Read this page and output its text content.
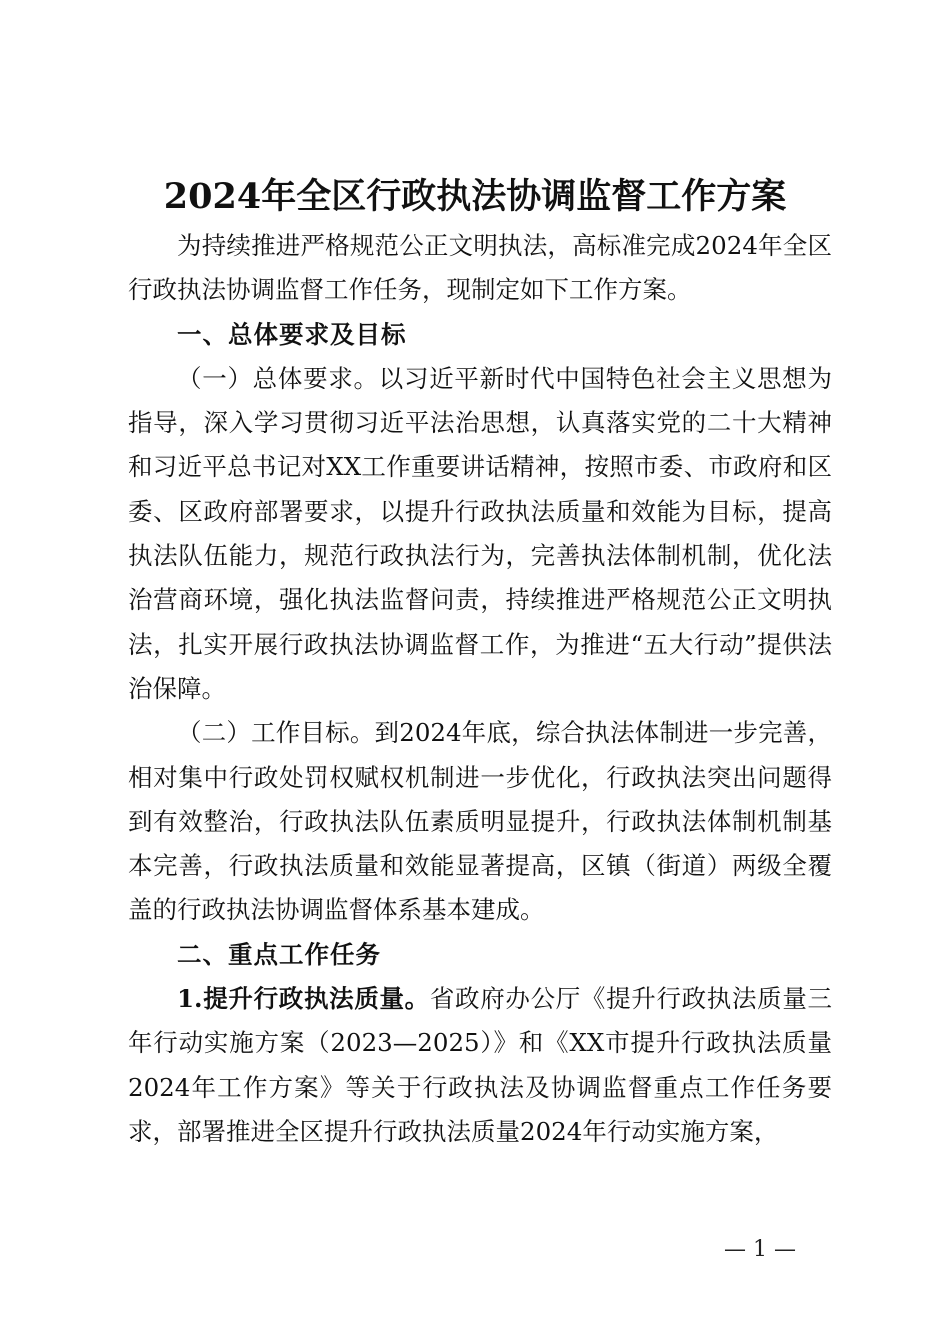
2024年全区行政执法协调监督工作方案

为持续推进严格规范公正文明执法，高标准完成2024年全区行政执法协调监督工作任务，现制定如下工作方案。

一、总体要求及目标

（一）总体要求。以习近平新时代中国特色社会主义思想为指导，深入学习贯彻习近平法治思想，认真落实党的二十大精神和习近平总书记对XX工作重要讲话精神，按照市委、市政府和区委、区政府部署要求，以提升行政执法质量和效能为目标，提高执法队伍能力，规范行政执法行为，完善执法体制机制，优化法治营商环境，强化执法监督问责，持续推进严格规范公正文明执法，扎实开展行政执法协调监督工作，为推进“五大行动”提供法治保障。

（二）工作目标。到2024年底，综合执法体制进一步完善，相对集中行政处罚权赋权机制进一步优化，行政执法突出问题得到有效整治，行政执法队伍素质明显提升，行政执法体制机制基本完善，行政执法质量和效能显著提高，区镇（街道）两级全覆盖的行政执法协调监督体系基本建成。

二、重点工作任务

1.提升行政执法质量。省政府办公厅《提升行政执法质量三年行动实施方案（2023—2025）》和《XX市提升行政执法质量2024年工作方案》等关于行政执法及协调监督重点工作任务要求，部署推进全区提升行政执法质量2024年行动实施方案，

— 1 —
